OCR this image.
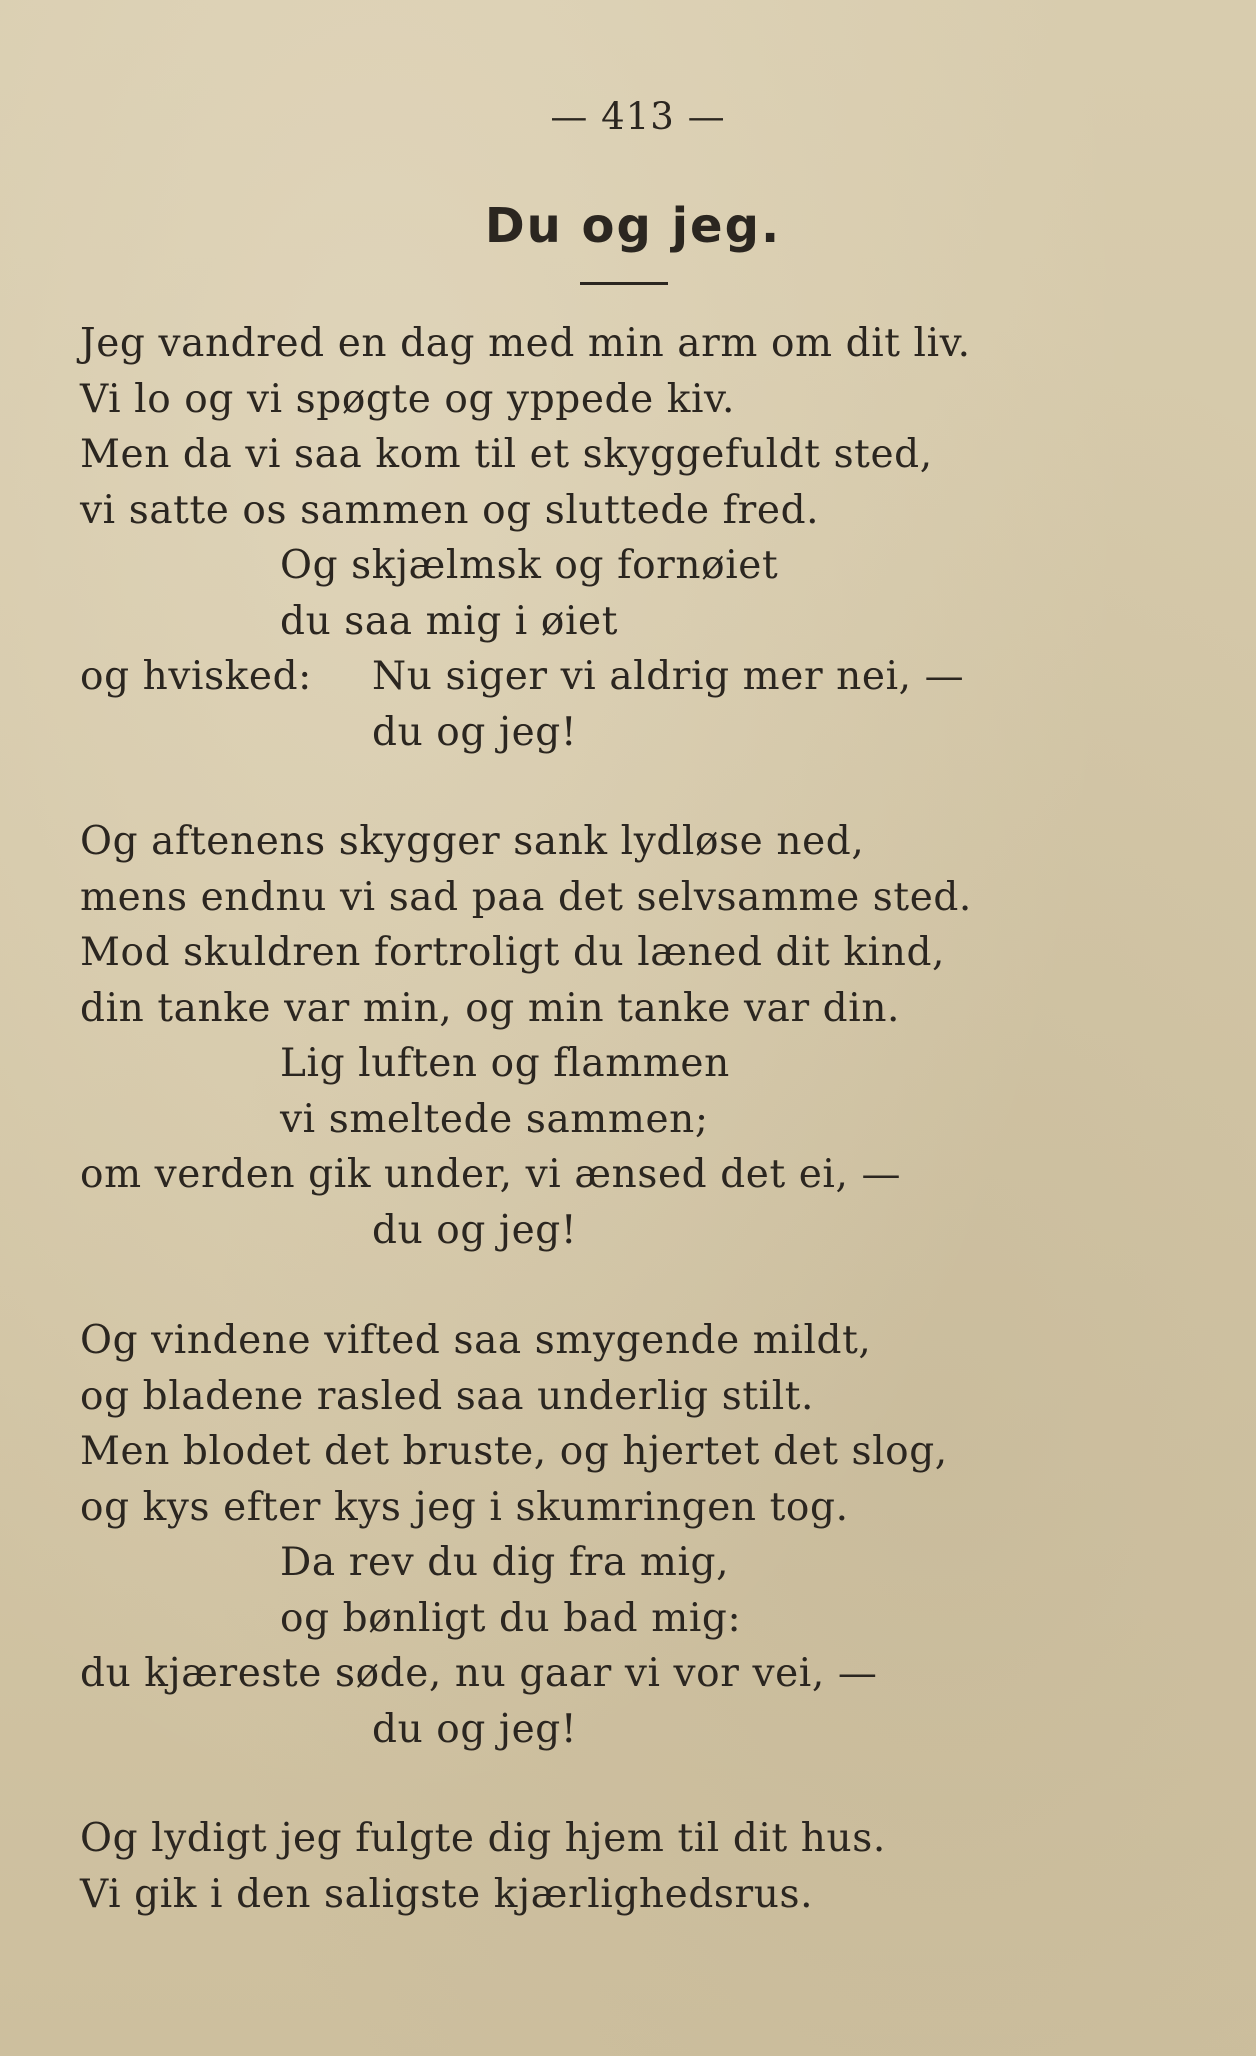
— 413 —
Du og jeg.
Jeg vandred en dag med min arm om dit liv.
Vi lo og vi spøgte og yppede kiv.
Men da vi saa kom til et skyggefuldt sted,
vi satte os sammen og sluttede fred.
Og skjælmsk og fornøiet
du saa mig i øiet
og hvisked: Nu siger vi aldrig mer nei, —
du og jeg!
Og aftenens skygger sank lydløse ned,
mens endnu vi sad paa det selvsamme sted.
Mod skuldren fortroligt du læned dit kind,
din tanke var min, og min tanke var din.
Lig luften og flammen
vi smeltede sammen;
om verden gik under, vi ænsed det ei, —
du og jeg!
Og vindene vifted saa smygende mildt,
og bladene rasled saa underlig stilt.
Men blodet det bruste, og hjertet det slog,
og kys efter kys jeg i skumringen tog.
Da rev du dig fra mig,
og bønligt du bad mig:
du kjæreste søde, nu gaar vi vor vei, —
du og jeg!
Og lydigt jeg fulgte dig hjem til dit hus.
Vi gik i den saligste kjærlighedsrus.
